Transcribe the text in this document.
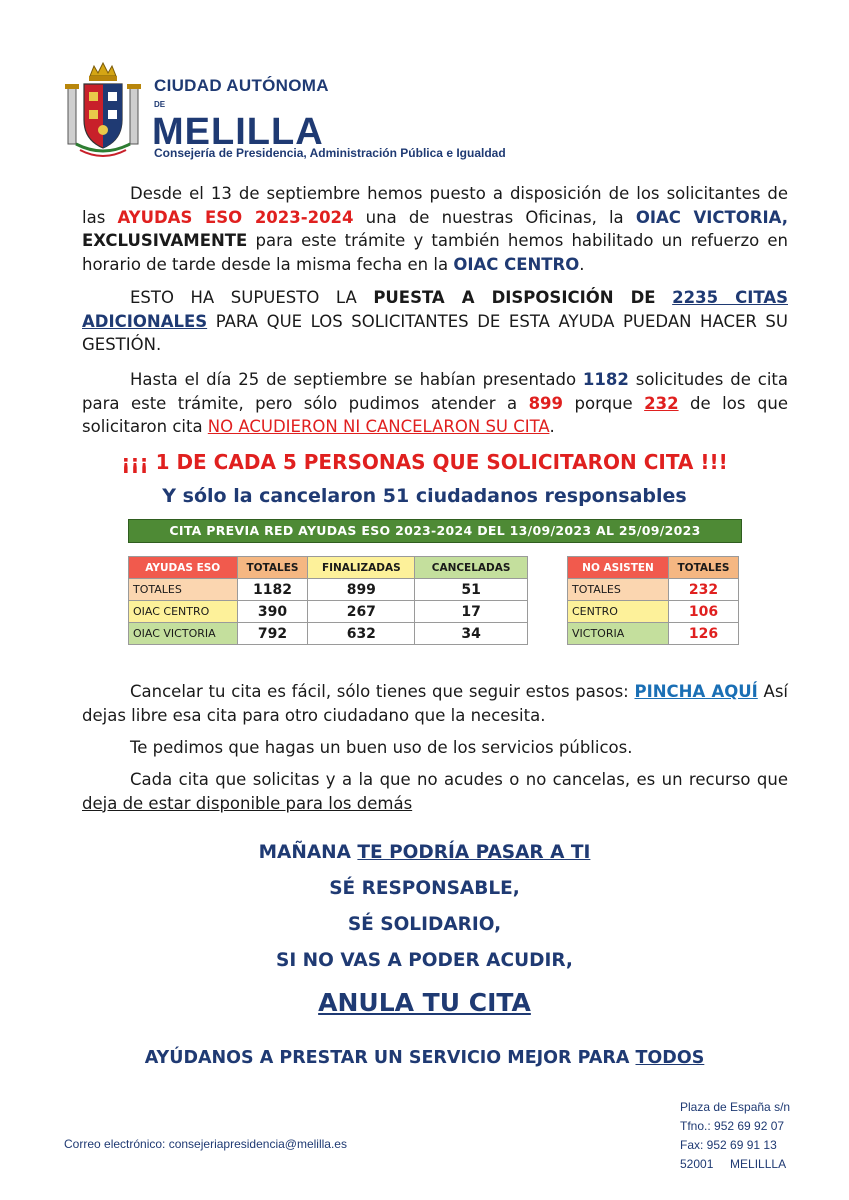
CIUDAD AUTÓNOMA
DE
MELILLA
Consejería de Presidencia, Administración Pública e Igualdad
Desde el 13 de septiembre hemos puesto a disposición de los solicitantes de las AYUDAS ESO 2023-2024 una de nuestras Oficinas, la OIAC VICTORIA, EXCLUSIVAMENTE para este trámite y también hemos habilitado un refuerzo en horario de tarde desde la misma fecha en la OIAC CENTRO.
ESTO HA SUPUESTO LA PUESTA A DISPOSICIÓN DE 2235 CITAS ADICIONALES PARA QUE LOS SOLICITANTES DE ESTA AYUDA PUEDAN HACER SU GESTIÓN.
Hasta el día 25 de septiembre se habían presentado 1182 solicitudes de cita para este trámite, pero sólo pudimos atender a 899 porque 232 de los que solicitaron cita NO ACUDIERON NI CANCELARON SU CITA.
¡¡¡ 1 DE CADA 5 PERSONAS QUE SOLICITARON CITA !!!
Y sólo la cancelaron 51 ciudadanos responsables
CITA PREVIA RED AYUDAS ESO 2023-2024 DEL 13/09/2023 AL 25/09/2023
AYUDAS ESO	TOTALES	FINALIZADAS	CANCELADAS
TOTALES	1182	899	51
OIAC CENTRO	390	267	17
OIAC VICTORIA	792	632	34
NO ASISTEN	TOTALES
TOTALES	232
CENTRO	106
VICTORIA	126
Cancelar tu cita es fácil, sólo tienes que seguir estos pasos: PINCHA AQUÍ Así dejas libre esa cita para otro ciudadano que la necesita.
Te pedimos que hagas un buen uso de los servicios públicos.
Cada cita que solicitas y a la que no acudes o no cancelas, es un recurso que deja de estar disponible para los demás
MAÑANA TE PODRÍA PASAR A TI
SÉ RESPONSABLE,
SÉ SOLIDARIO,
SI NO VAS A PODER ACUDIR,
ANULA TU CITA
AYÚDANOS A PRESTAR UN SERVICIO MEJOR PARA TODOS
Correo electrónico: consejeriapresidencia@melilla.es
Plaza de España s/n
Tfno.: 952 69 92 07
Fax: 952 69 91 13
52001     MELILLLA
